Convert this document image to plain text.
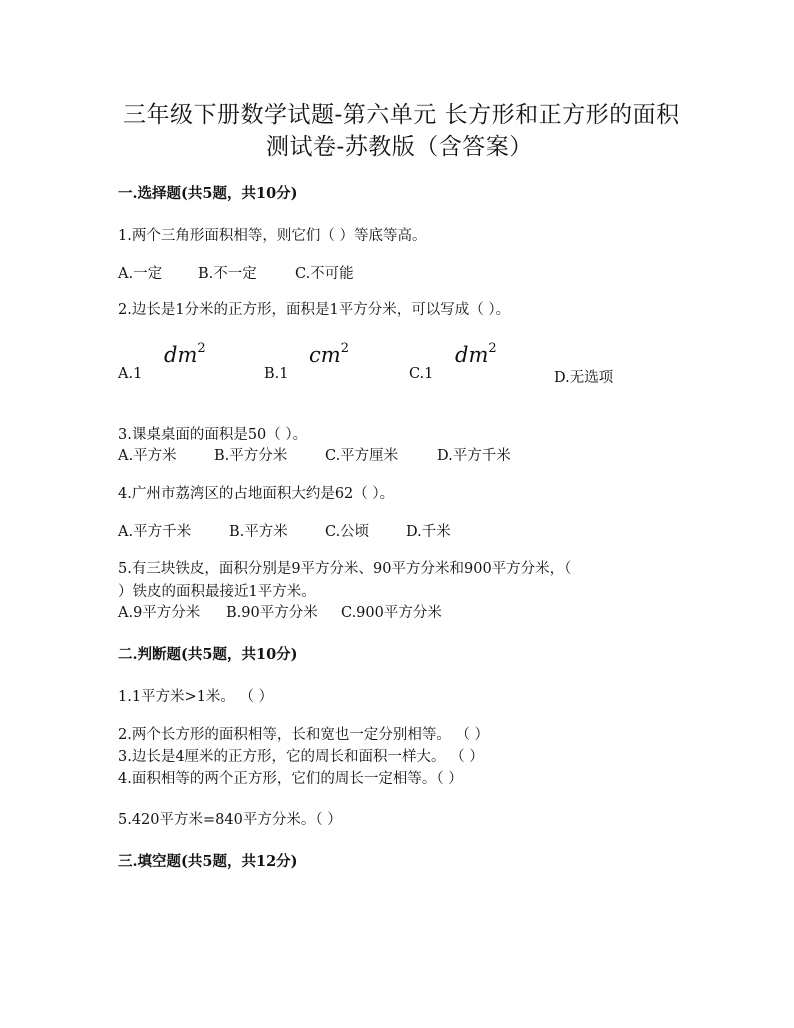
三年级下册数学试题-第六单元 长方形和正方形的面积
测试卷-苏教版（含答案）
一.选择题(共5题，共10分)
1.两个三角形面积相等，则它们（ ）等底等高。
A.一定 B.不一定	C.不可能
2.边长是1分米的正方形，面积是1平方分米，可以写成（ ）。
A.1
$dm^2$
B.1
$cm^2$
C.1
$dm^2$
D.无选项
3.课桌桌面的面积是50（ ）。
A.平方米	B.平方分米	C.平方厘米	D.平方千米
4.广州市荔湾区的占地面积大约是62（ ）。
A.平方千米	B.平方米	C.公顷	D.千米
5.有三块铁皮，面积分别是9平方分米、90平方分米和900平方分米，（
）铁皮的面积最接近1平方米。
A.9平方分米 B.90平方分米 C.900平方分米
二.判断题(共5题，共10分)
1.1平方米>1米。 （ ）
2.两个长方形的面积相等，长和宽也一定分别相等。 （ ）
3.边长是4厘米的正方形，它的周长和面积一样大。 （ ）
4.面积相等的两个正方形，它们的周长一定相等。（ ）
5.420平方米=840平方分米。（ ）
三.填空题(共5题，共12分)
